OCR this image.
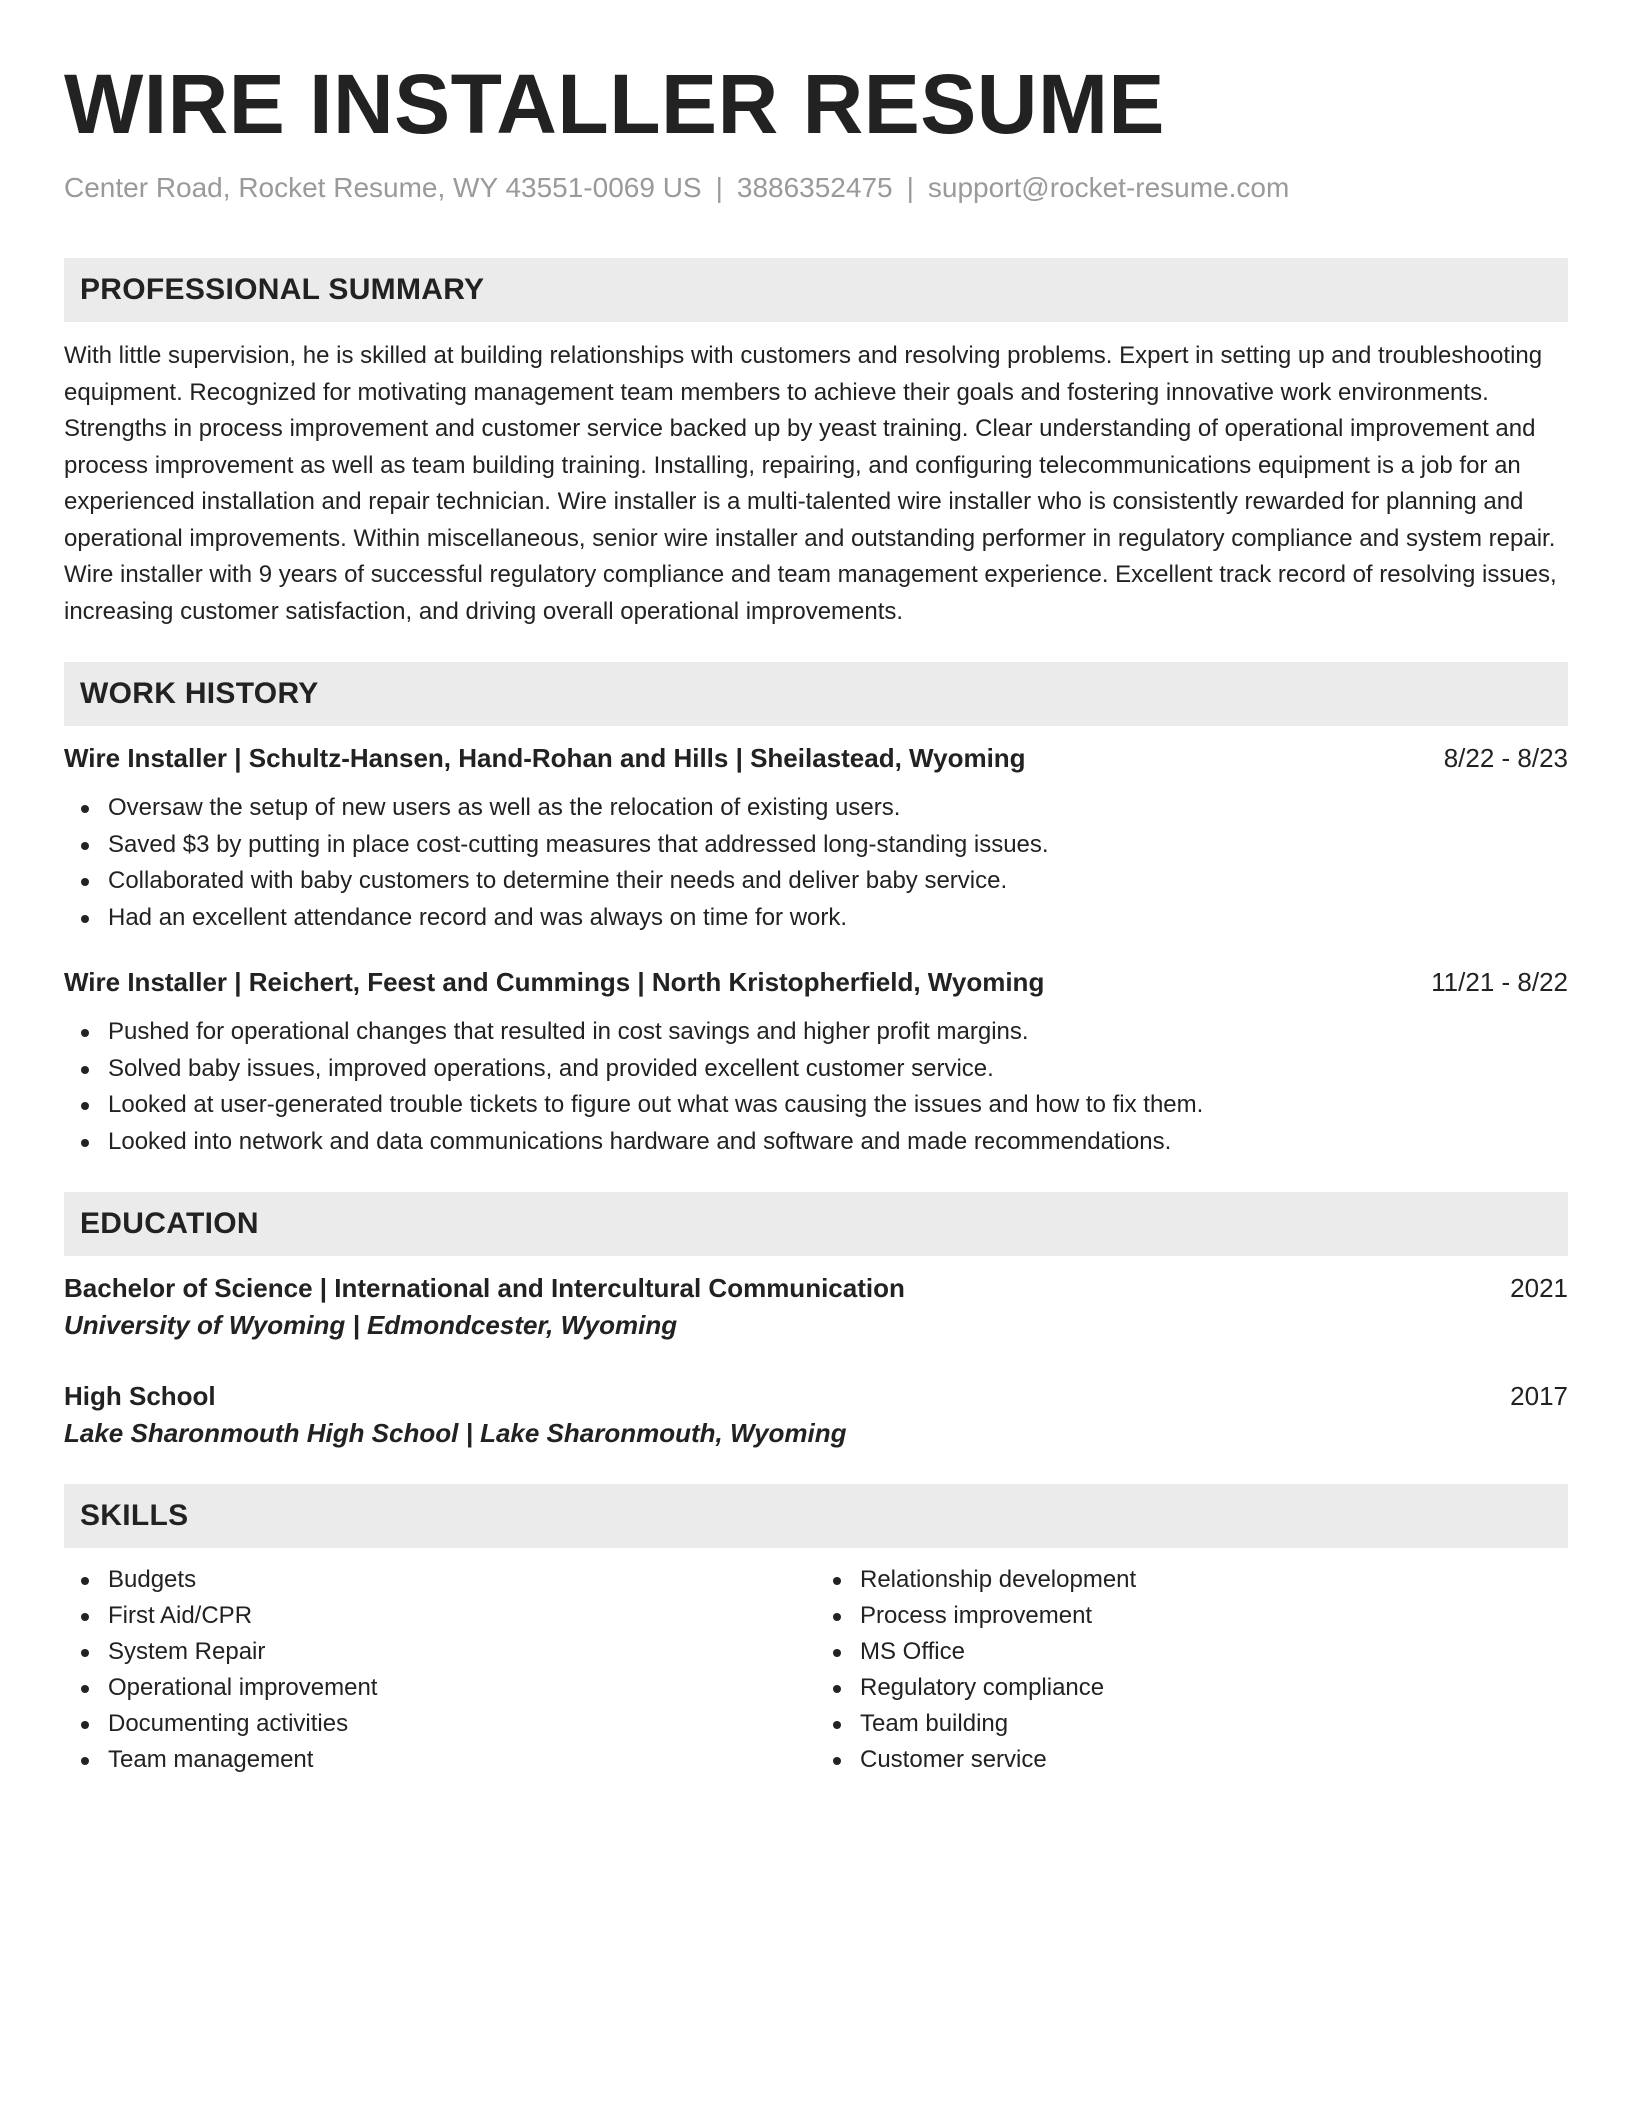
WIRE INSTALLER RESUME
Center Road, Rocket Resume, WY 43551-0069 US | 3886352475 | support@rocket-resume.com
PROFESSIONAL SUMMARY

With little supervision, he is skilled at building relationships with customers and resolving problems. Expert in setting up and troubleshooting equipment. Recognized for motivating management team members to achieve their goals and fostering innovative work environments. Strengths in process improvement and customer service backed up by yeast training. Clear understanding of operational improvement and process improvement as well as team building training. Installing, repairing, and configuring telecommunications equipment is a job for an experienced installation and repair technician. Wire installer is a multi-talented wire installer who is consistently rewarded for planning and operational improvements. Within miscellaneous, senior wire installer and outstanding performer in regulatory compliance and system repair. Wire installer with 9 years of successful regulatory compliance and team management experience. Excellent track record of resolving issues, increasing customer satisfaction, and driving overall operational improvements.

WORK HISTORY
Wire Installer | Schultz-Hansen, Hand-Rohan and Hills | Sheilastead, Wyoming	8/22 - 8/23
Oversaw the setup of new users as well as the relocation of existing users.
Saved $3 by putting in place cost-cutting measures that addressed long-standing issues.
Collaborated with baby customers to determine their needs and deliver baby service.
Had an excellent attendance record and was always on time for work.
Wire Installer | Reichert, Feest and Cummings | North Kristopherfield, Wyoming	11/21 - 8/22
Pushed for operational changes that resulted in cost savings and higher profit margins.
Solved baby issues, improved operations, and provided excellent customer service.
Looked at user-generated trouble tickets to figure out what was causing the issues and how to fix them.
Looked into network and data communications hardware and software and made recommendations.
EDUCATION
Bachelor of Science | International and Intercultural Communication	2021
University of Wyoming | Edmondcester, Wyoming
High School	2017
Lake Sharonmouth High School | Lake Sharonmouth, Wyoming
SKILLS
Budgets
First Aid/CPR
System Repair
Operational improvement
Documenting activities
Team management
Relationship development
Process improvement
MS Office
Regulatory compliance
Team building
Customer service
